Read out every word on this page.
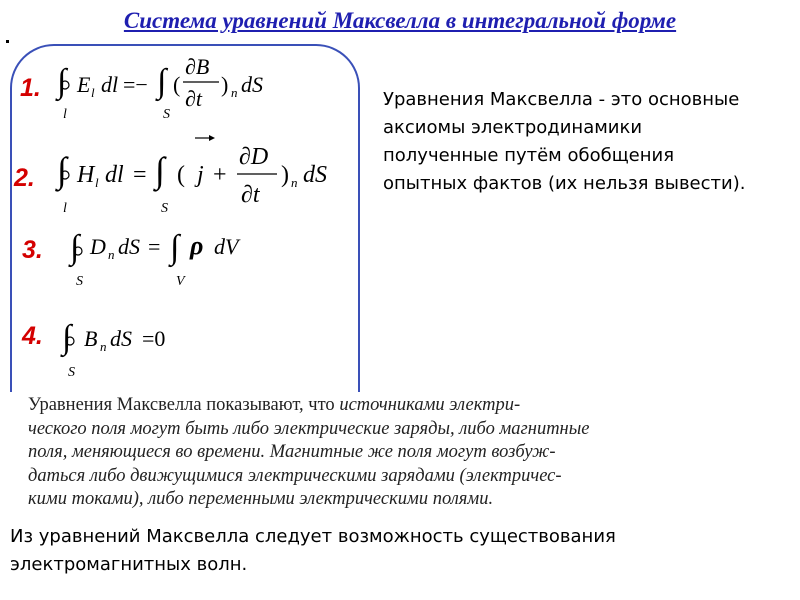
Система уравнений Максвелла в интегральной форме
1. ∫
l
E l dl =− ∫
S
(
∂B
∂t
) n dS
2. ∫
l
H l dl = ∫
S
( j +
∂D
∂t
) n dS
3. ∫
S
D n dS = ∫
V
ρ dV
4. ∫
S
B n dS =0
Уравнения Максвелла - это основные аксиомы электродинамики полученные путём обобщения опытных фактов (их нельзя вывести).
Уравнения Максвелла показывают, что источниками электри-
ческого поля могут быть либо электрические заряды, либо магнитные
поля, меняющиеся во времени. Магнитные же поля могут возбуж-
даться либо движущимися электрическими зарядами (электричес-
кими токами), либо переменными электрическими полями.
Из уравнений Максвелла следует возможность существования электромагнитных волн.
